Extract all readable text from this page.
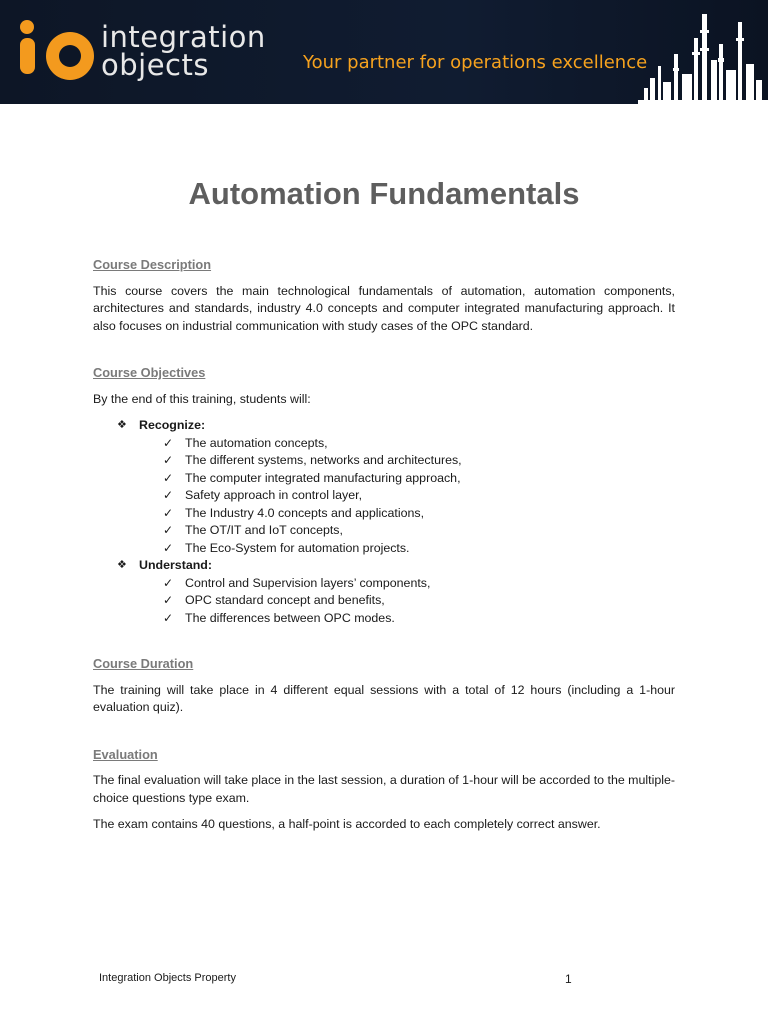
integration
objects	Your partner for operations excellence
Automation Fundamentals
Course Description

This course covers the main technological fundamentals of automation, automation components, architectures and standards, industry 4.0 concepts and computer integrated manufacturing approach. It also focuses on industrial communication with study cases of the OPC standard.

Course Objectives

By the end of this training, students will:

❖ Recognize:
✓ The automation concepts,
✓ The different systems, networks and architectures,
✓ The computer integrated manufacturing approach,
✓ Safety approach in control layer,
✓ The Industry 4.0 concepts and applications,
✓ The OT/IT and IoT concepts,
✓ The Eco-System for automation projects.
❖ Understand:
✓ Control and Supervision layers’ components,
✓ OPC standard concept and benefits,
✓ The differences between OPC modes.
Course Duration

The training will take place in 4 different equal sessions with a total of 12 hours (including a 1-hour evaluation quiz).

Evaluation

The final evaluation will take place in the last session, a duration of 1-hour will be accorded to the multiple-choice questions type exam.

The exam contains 40 questions, a half-point is accorded to each completely correct answer.

Integration Objects Property	1
